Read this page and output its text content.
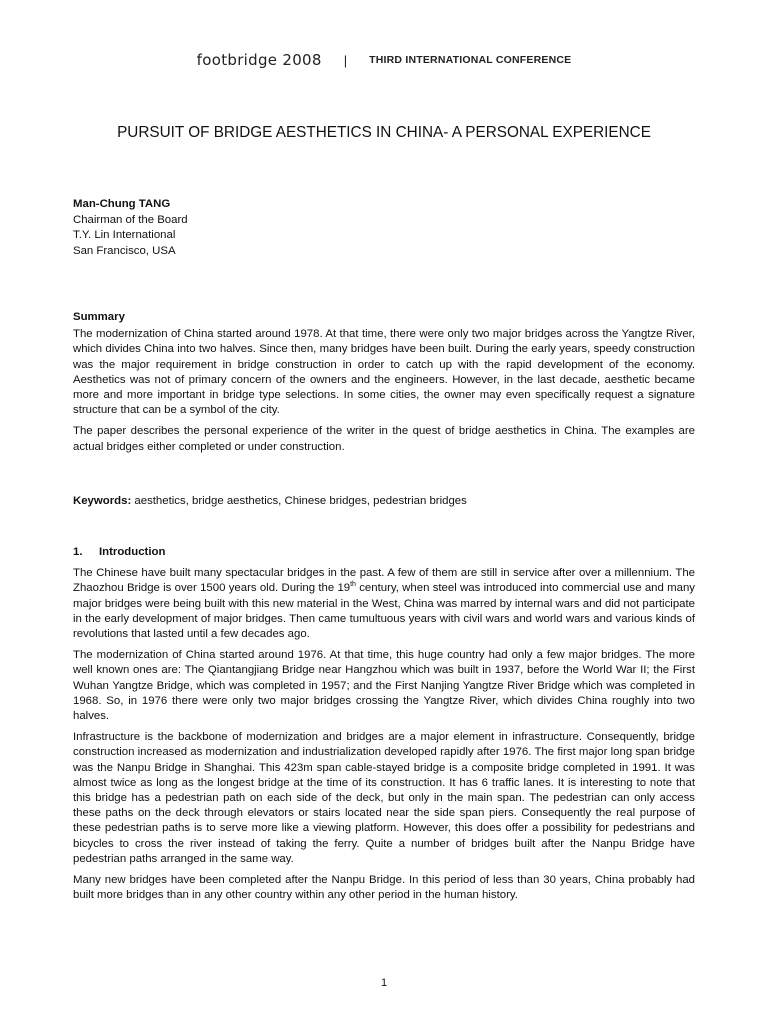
footbridge 2008 | THIRD INTERNATIONAL CONFERENCE
PURSUIT OF BRIDGE AESTHETICS IN CHINA- A PERSONAL EXPERIENCE
Man-Chung TANG
Chairman of the Board
T.Y. Lin International
San Francisco, USA

Summary

The modernization of China started around 1978. At that time, there were only two major bridges across the Yangtze River, which divides China into two halves. Since then, many bridges have been built. During the early years, speedy construction was the major requirement in bridge construction in order to catch up with the rapid development of the economy. Aesthetics was not of primary concern of the owners and the engineers. However, in the last decade, aesthetic became more and more important in bridge type selections. In some cities, the owner may even specifically request a signature structure that can be a symbol of the city.

The paper describes the personal experience of the writer in the quest of bridge aesthetics in China. The examples are actual bridges either completed or under construction.

Keywords: aesthetics, bridge aesthetics, Chinese bridges, pedestrian bridges

1. Introduction

The Chinese have built many spectacular bridges in the past. A few of them are still in service after over a millennium. The Zhaozhou Bridge is over 1500 years old. During the 19th century, when steel was introduced into commercial use and many major bridges were being built with this new material in the West, China was marred by internal wars and did not participate in the early development of major bridges. Then came tumultuous years with civil wars and world wars and various kinds of revolutions that lasted until a few decades ago.

The modernization of China started around 1976. At that time, this huge country had only a few major bridges. The more well known ones are: The Qiantangjiang Bridge near Hangzhou which was built in 1937, before the World War II; the First Wuhan Yangtze Bridge, which was completed in 1957; and the First Nanjing Yangtze River Bridge which was completed in 1968. So, in 1976 there were only two major bridges crossing the Yangtze River, which divides China roughly into two halves.

Infrastructure is the backbone of modernization and bridges are a major element in infrastructure. Consequently, bridge construction increased as modernization and industrialization developed rapidly after 1976. The first major long span bridge was the Nanpu Bridge in Shanghai. This 423m span cable-stayed bridge is a composite bridge completed in 1991. It was almost twice as long as the longest bridge at the time of its construction. It has 6 traffic lanes. It is interesting to note that this bridge has a pedestrian path on each side of the deck, but only in the main span. The pedestrian can only access these paths on the deck through elevators or stairs located near the side span piers. Consequently the real purpose of these pedestrian paths is to serve more like a viewing platform. However, this does offer a possibility for pedestrians and bicycles to cross the river instead of taking the ferry. Quite a number of bridges built after the Nanpu Bridge have pedestrian paths arranged in the same way.

Many new bridges have been completed after the Nanpu Bridge. In this period of less than 30 years, China probably had built more bridges than in any other country within any other period in the human history.

1
